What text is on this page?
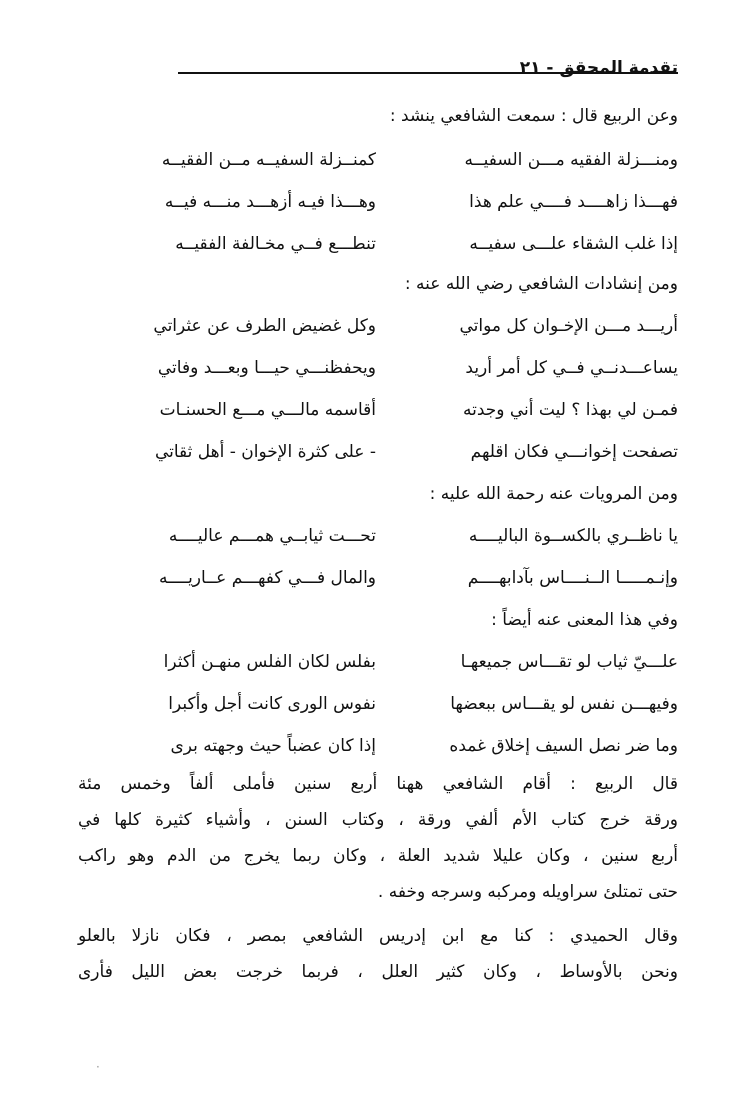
تقدمة المحقق - ٢١
وعن الربيع قال : سمعت الشافعي ينشد :
ومنـــزلة الفقيه مـــن السفيــه
كمنــزلة السفيــه مــن الفقيــه
فهـــذا زاهــــد فــــي علم هذا
وهـــذا فيـه أزهـــد منـــه فيــه
إذا غلب الشقاء علـــى سفيــه
تنطـــع فــي مخـالفة الفقيــه
ومن إنشادات الشافعي رضي الله عنه :
أريـــد مـــن الإخـوان كل مواتي
وكل غضيض الطرف عن عثراتي
يساعـــدنــي فــي كل أمر أريد
ويحفظنـــي حيـــا وبعـــد وفاتي
فمـن لي بهذا ؟ ليت أني وجدته
أقاسمه مالـــي مـــع الحسنـات
تصفحت إخوانـــي فكان اقلهم
- على كثرة الإخوان - أهل ثقاتي
ومن المرويات عنه رحمة الله عليه :
يا ناظــري بالكســوة الباليــــه
تحـــت ثيابــي همـــم عاليــــه
وإنـمـــــا الــنــــاس بآدابهــــم
والمال فـــي كفهـــم عــاريــــه
وفي هذا المعنى عنه أيضاً :
علـــيّ ثياب لو تقـــاس جميعهـا
بفلس لكان الفلس منهـن أكثرا
وفيهـــن نفس لو يقـــاس ببعضها
نفوس الورى كانت أجل وأكبرا
وما ضر نصل السيف إخلاق غمده
إذا كان عضباً حيث وجهته برى
قال الربيع : أقام الشافعي ههنا أربع سنين فأملى ألفاً وخمس مئة
ورقة خرج كتاب الأم ألفي ورقة ، وكتاب السنن ، وأشياء كثيرة كلها في
أربع سنين ، وكان عليلا شديد العلة ، وكان ربما يخرج من الدم وهو راكب
حتى تمتلئ سراويله ومركبه وسرجه وخفه .
وقال الحميدي : كنا مع ابن إدريس الشافعي بمصر ، فكان نازلا بالعلو
ونحن بالأوساط ، وكان كثير العلل ، فربما خرجت بعض الليل فأرى
·
